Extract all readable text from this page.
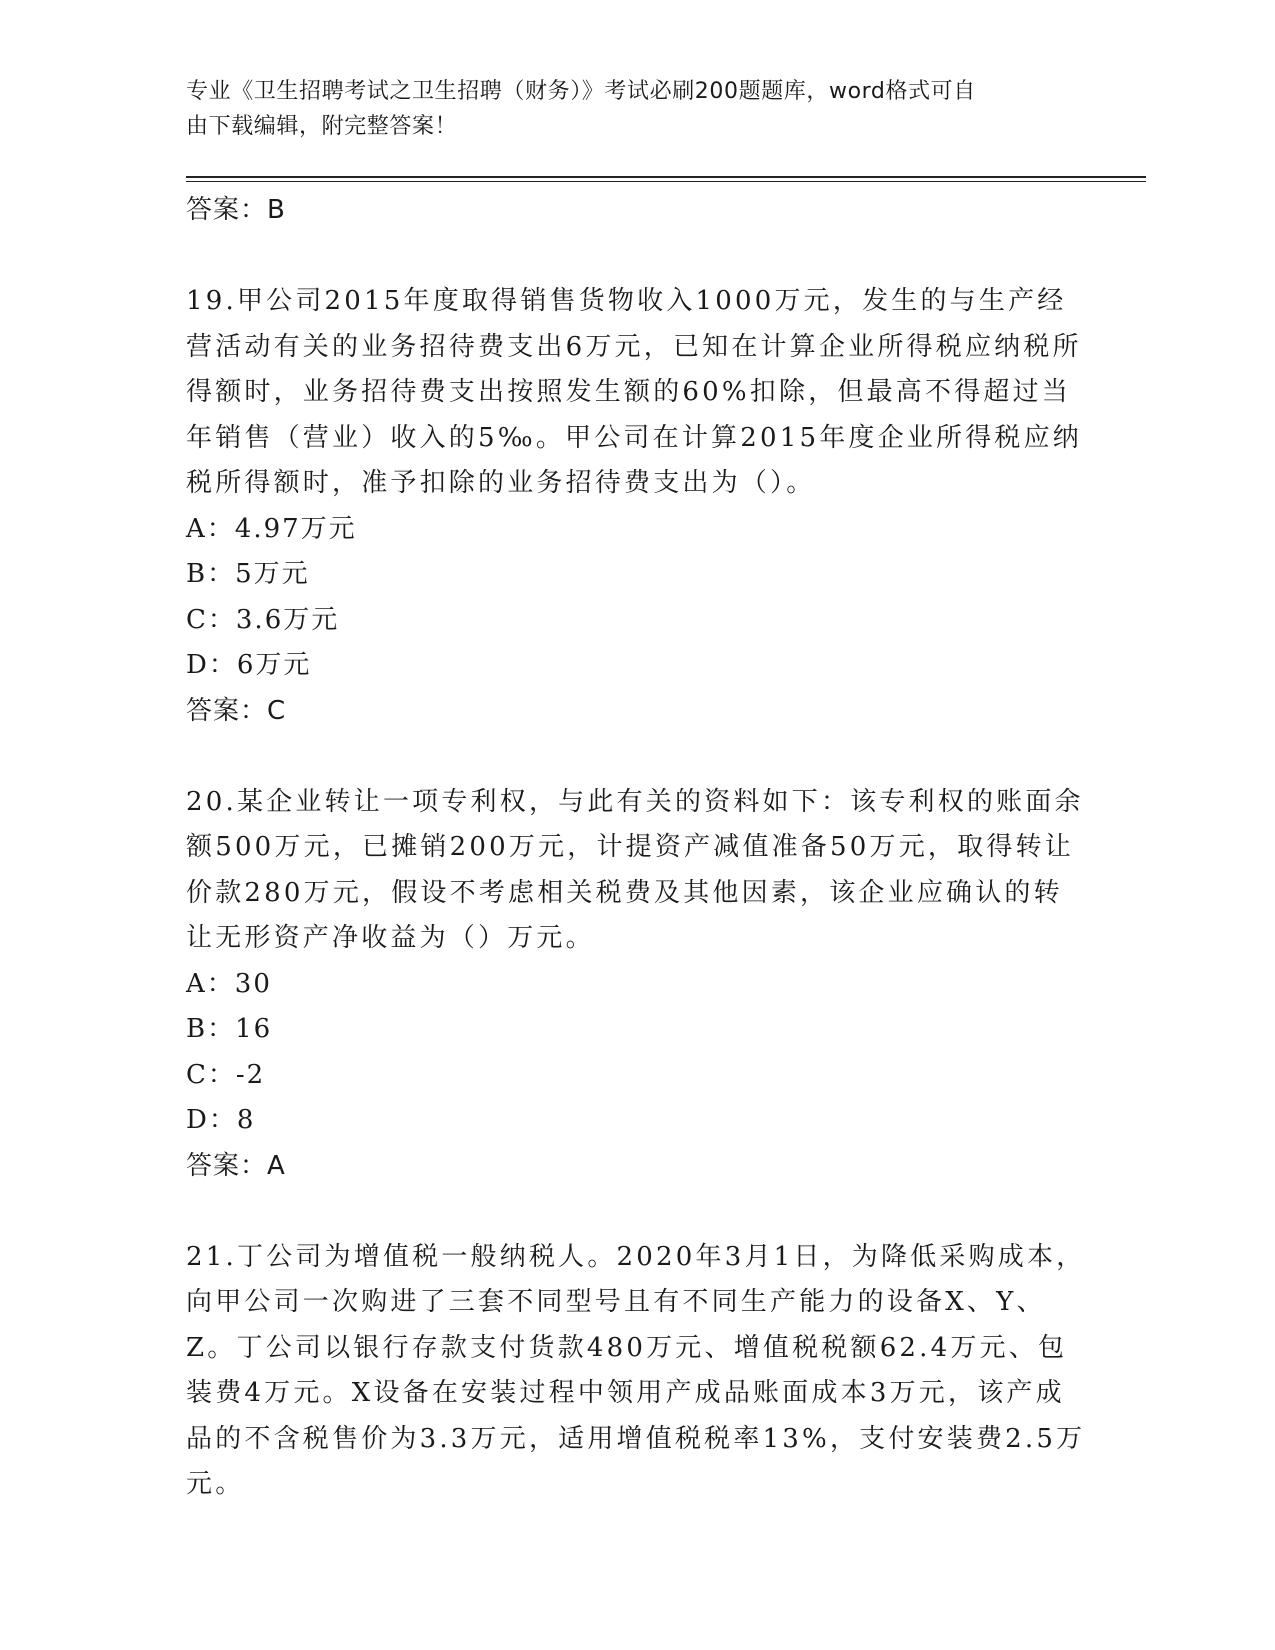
专业《卫生招聘考试之卫生招聘（财务）》考试必刷200题题库，word格式可自
由下载编辑，附完整答案！
答案：B

19.甲公司2015年度取得销售货物收入1000万元，发生的与生产经营活动有关的业务招待费支出6万元，已知在计算企业所得税应纳税所得额时，业务招待费支出按照发生额的60%扣除，但最高不得超过当年销售（营业）收入的5‰。甲公司在计算2015年度企业所得税应纳税所得额时，准予扣除的业务招待费支出为（）。

A：4.97万元
B：5万元
C：3.6万元
D：6万元
答案：C

20.某企业转让一项专利权，与此有关的资料如下：该专利权的账面余额500万元，已摊销200万元，计提资产减值准备50万元，取得转让价款280万元，假设不考虑相关税费及其他因素，该企业应确认的转让无形资产净收益为（）万元。

A：30
B：16
C：-2
D：8
答案：A

21.丁公司为增值税一般纳税人。2020年3月1日，为降低采购成本，向甲公司一次购进了三套不同型号且有不同生产能力的设备X、Y、Z。丁公司以银行存款支付货款480万元、增值税税额62.4万元、包装费4万元。X设备在安装过程中领用产成品账面成本3万元，该产成品的不含税售价为3.3万元，适用增值税税率13%，支付安装费2.5万元。
